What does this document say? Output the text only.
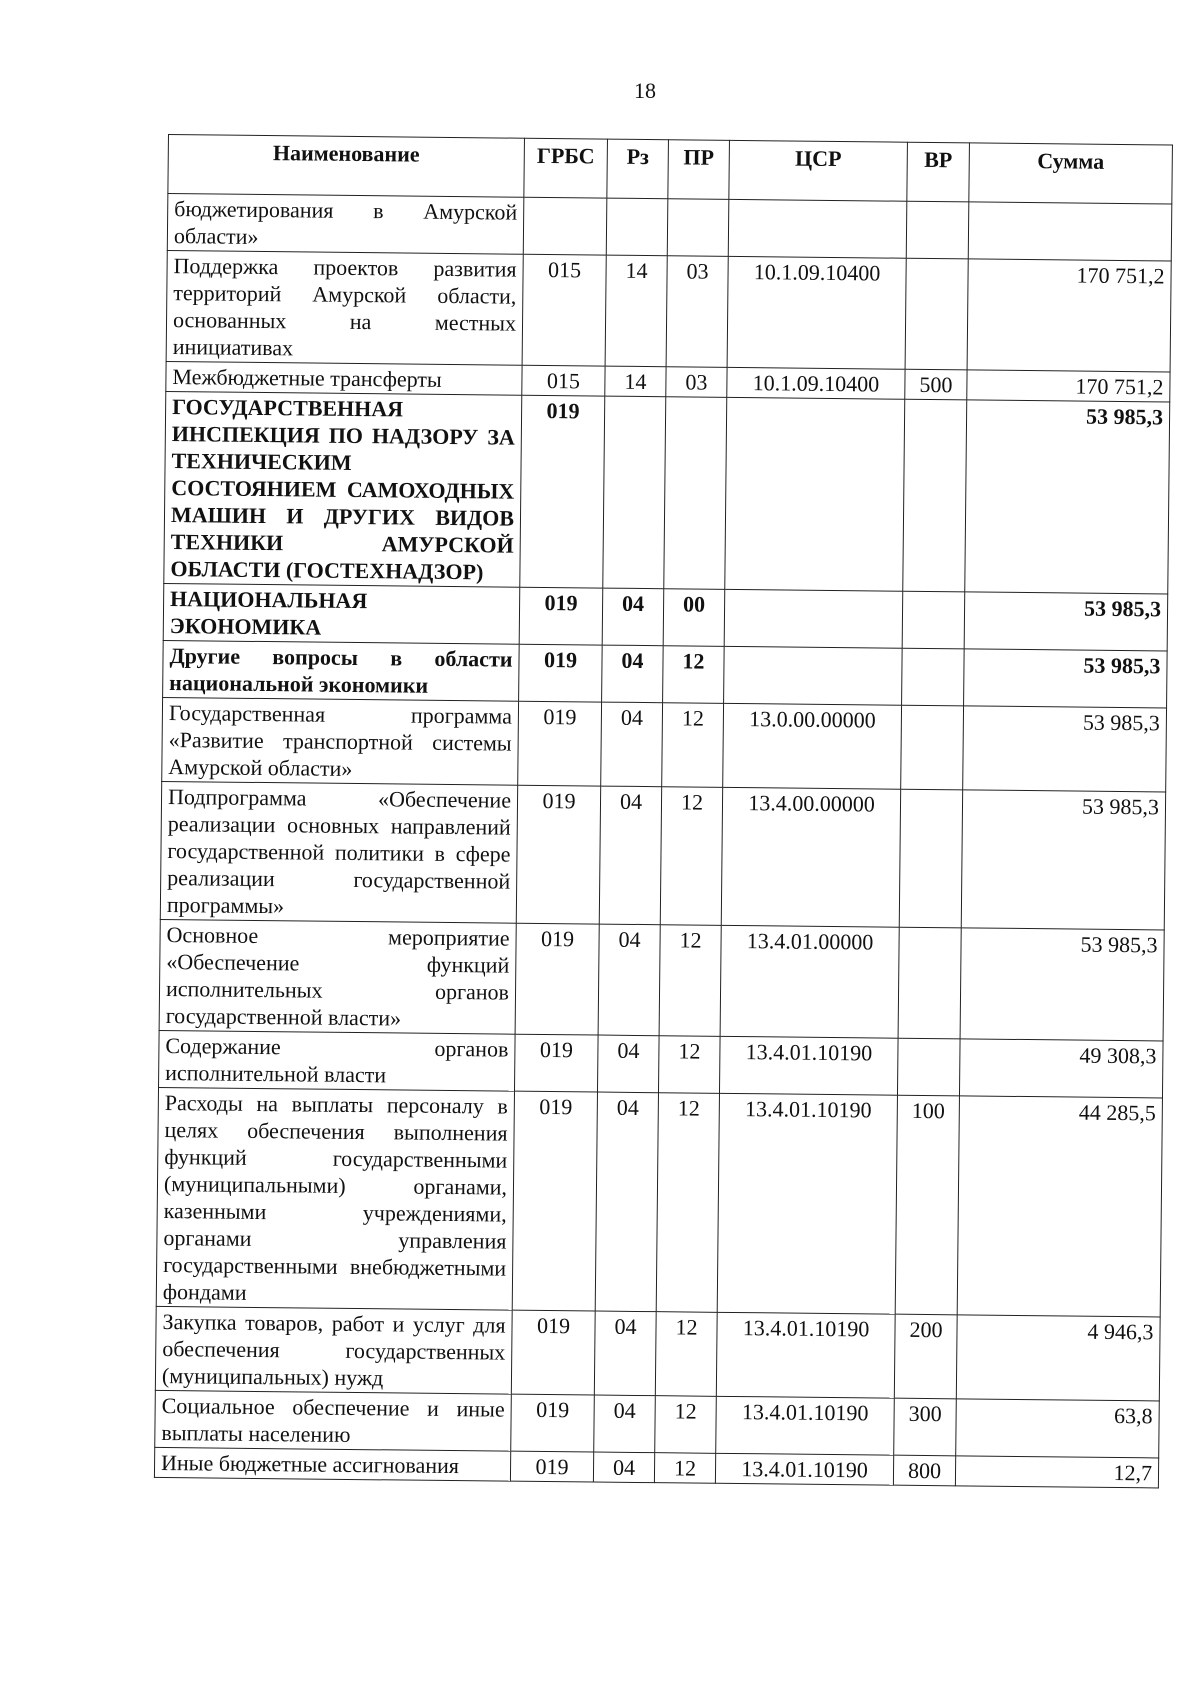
18
Наименование	ГРБС	Рз	ПР	ЦСР	ВР	Сумма
бюджетирования в Амурской области»						
Поддержка проектов развития территорий Амурской области, основанных на местных инициативах	015	14	03	10.1.09.10400		170 751,2
Межбюджетные трансферты	015	14	03	10.1.09.10400	500	170 751,2
ГОСУДАРСТВЕННАЯ ИНСПЕКЦИЯ ПО НАДЗОРУ ЗА ТЕХНИЧЕСКИМ СОСТОЯНИЕМ САМОХОДНЫХ МАШИН И ДРУГИХ ВИДОВ ТЕХНИКИ АМУРСКОЙ ОБЛАСТИ (ГОСТЕХНАДЗОР)	019					53 985,3
НАЦИОНАЛЬНАЯ ЭКОНОМИКА	019	04	00			53 985,3
Другие вопросы в области национальной экономики	019	04	12			53 985,3
Государственная программа «Развитие транспортной системы Амурской области»	019	04	12	13.0.00.00000		53 985,3
Подпрограмма «Обеспечение реализации основных направлений государственной политики в сфере реализации государственной программы»	019	04	12	13.4.00.00000		53 985,3
Основное мероприятие «Обеспечение функций исполнительных органов государственной власти»	019	04	12	13.4.01.00000		53 985,3
Содержание органов исполнительной власти	019	04	12	13.4.01.10190		49 308,3
Расходы на выплаты персоналу в целях обеспечения выполнения функций государственными (муниципальными) органами, казенными учреждениями, органами управления государственными внебюджетными фондами	019	04	12	13.4.01.10190	100	44 285,5
Закупка товаров, работ и услуг для обеспечения государственных (муниципальных) нужд	019	04	12	13.4.01.10190	200	4 946,3
Социальное обеспечение и иные выплаты населению	019	04	12	13.4.01.10190	300	63,8
Иные бюджетные ассигнования	019	04	12	13.4.01.10190	800	12,7
